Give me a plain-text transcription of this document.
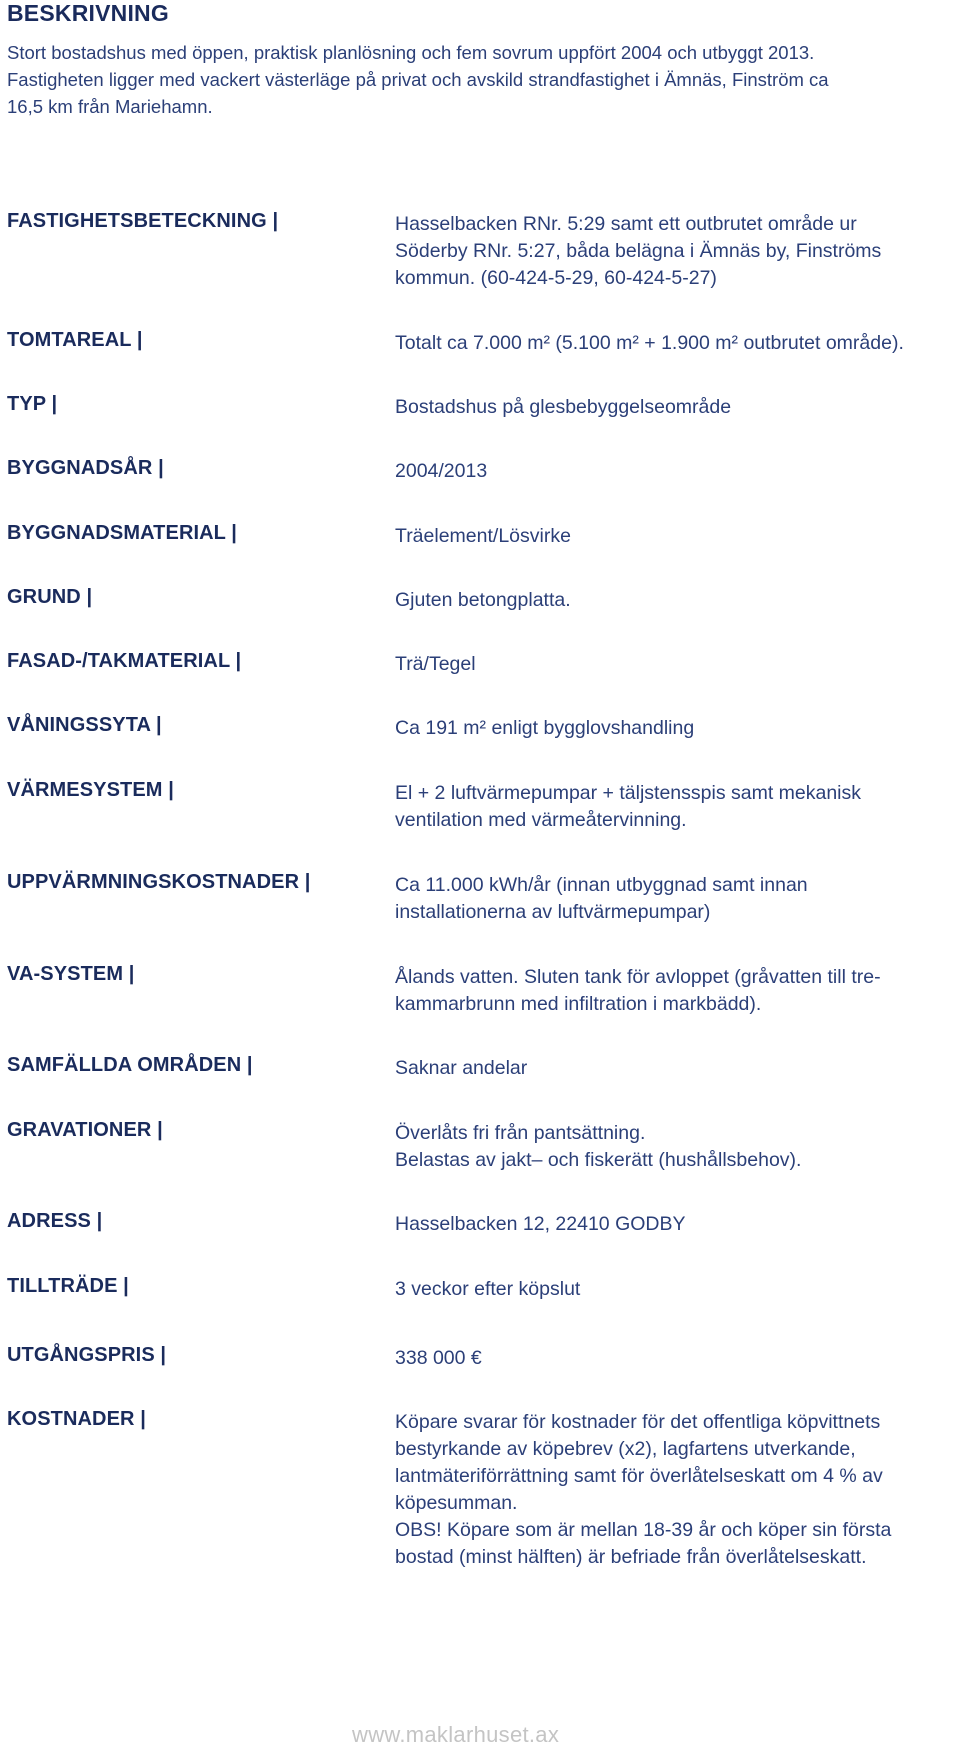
BESKRIVNING
Stort bostadshus med öppen, praktisk planlösning och fem sovrum uppfört 2004 och utbyggt 2013.
Fastigheten ligger med vackert västerläge på privat och avskild strandfastighet i Ämnäs, Finström ca
16,5 km från Mariehamn.
FASTIGHETSBETECKNING |	Hasselbacken RNr. 5:29 samt ett outbrutet område ur
Söderby RNr. 5:27, båda belägna i Ämnäs by, Finströms
kommun. (60-424-5-29, 60-424-5-27)
TOMTAREAL |	Totalt ca 7.000 m² (5.100 m² + 1.900 m² outbrutet område).
TYP |	Bostadshus på glesbebyggelseområde
BYGGNADSÅR |	2004/2013
BYGGNADSMATERIAL |	Träelement/Lösvirke
GRUND |	Gjuten betongplatta.
FASAD-/TAKMATERIAL |	Trä/Tegel
VÅNINGSSYTA |	Ca 191 m² enligt bygglovshandling
VÄRMESYSTEM |	El + 2 luftvärmepumpar + täljstensspis samt mekanisk
ventilation med värmeåtervinning.
UPPVÄRMNINGSKOSTNADER |	Ca 11.000 kWh/år (innan utbyggnad samt innan
installationerna av luftvärmepumpar)
VA-SYSTEM |	Ålands vatten. Sluten tank för avloppet (gråvatten till tre-
kammarbrunn med infiltration i markbädd).
SAMFÄLLDA OMRÅDEN |	Saknar andelar
GRAVATIONER |	Överlåts fri från pantsättning.
Belastas av jakt– och fiskerätt (hushållsbehov).
ADRESS |	Hasselbacken 12, 22410 GODBY
TILLTRÄDE |	3 veckor efter köpslut
UTGÅNGSPRIS |	338 000 €
KOSTNADER |	Köpare svarar för kostnader för det offentliga köpvittnets
bestyrkande av köpebrev (x2), lagfartens utverkande,
lantmäteriförrättning samt för överlåtelseskatt om 4 % av
köpesumman.
OBS! Köpare som är mellan 18-39 år och köper sin första
bostad (minst hälften) är befriade från överlåtelseskatt.
www.maklarhuset.ax
